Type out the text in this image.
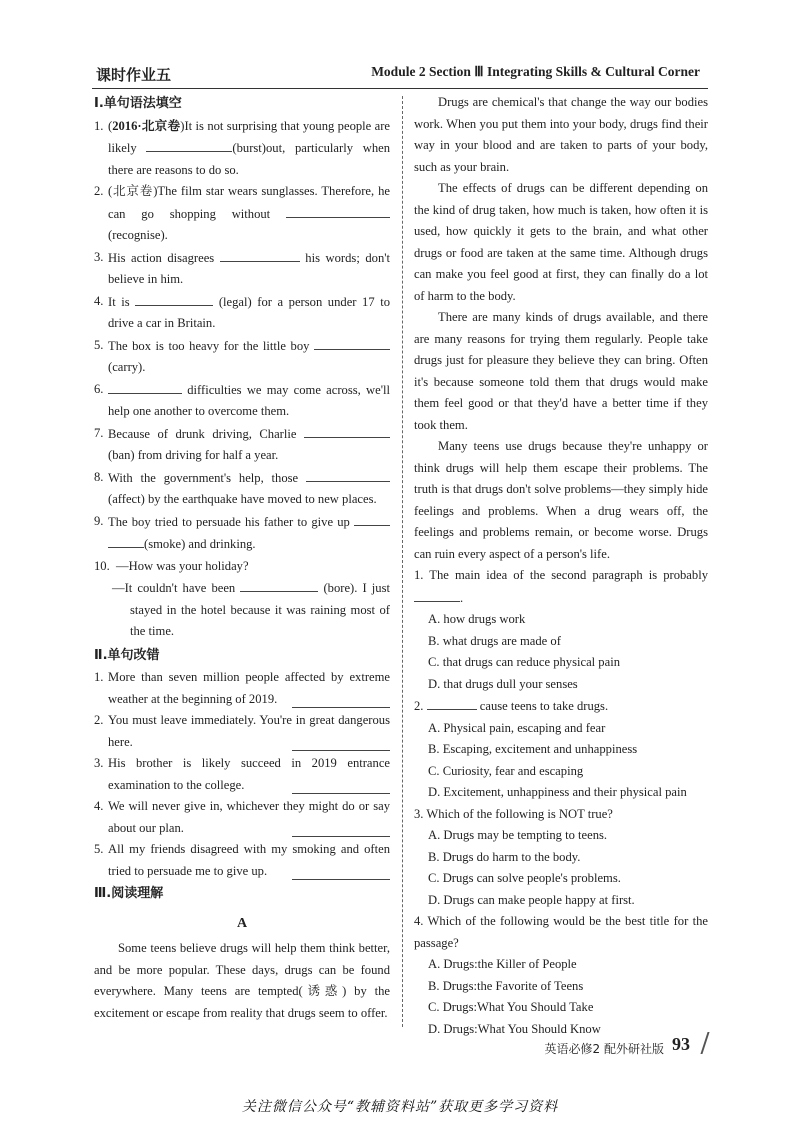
课时作业五	Module 2 Section Ⅲ Integrating Skills & Cultural Corner
Ⅰ.单句语法填空

1. (2016·北京卷)It is not surprising that young people are likely	(burst)out, particularly when there are reasons to do so.

2. (北京卷)The film star wears sunglasses. Therefore, he can go shopping without  (recognise).

3. His action disagrees	his words; don't believe in him.

4. It is	(legal) for a person under 17 to drive a car in Britain.

5. The box is too heavy for the little boy  (carry).

6.	difficulties we may come across, we'll help one another to overcome them.

7. Because of drunk driving, Charlie  (ban) from driving for half a year.

8. With the government's help, those  (affect) by the earthquake have moved to new places.

9. The boy tried to persuade his father to give up  (smoke) and drinking.

10. —How was your holiday?
—It couldn't have been	(bore). I just stayed in the hotel because it was raining most of the time.

Ⅱ.单句改错

1. More than seven million people affected by extreme weather at the beginning of 2019.

2. You must leave immediately. You're in great dangerous here.

3. His brother is likely succeed in 2019 entrance examination to the college.

4. We will never give in, whichever they might do or say about our plan.

5. All my friends disagreed with my smoking and often tried to persuade me to give up.

Ⅲ.阅读理解
A

Some teens believe drugs will help them think better, and be more popular. These days, drugs can be found everywhere. Many teens are tempted(诱惑) by the excitement or escape from reality that drugs seem to offer.

Drugs are chemical's that change the way our bodies work. When you put them into your body, drugs find their way in your blood and are taken to parts of your body, such as your brain.

The effects of drugs can be different depending on the kind of drug taken, how much is taken, how often it is used, how quickly it gets to the brain, and what other drugs or food are taken at the same time. Although drugs can make you feel good at first, they can finally do a lot of harm to the body.

There are many kinds of drugs available, and there are many reasons for trying them regularly. People take drugs just for pleasure they believe they can bring. Often it's because someone told them that drugs would make them feel good or that they'd have a better time if they took them.

Many teens use drugs because they're unhappy or think drugs will help them escape their problems. The truth is that drugs don't solve problems—they simply hide feelings and problems. When a drug wears off, the feelings and problems remain, or become worse. Drugs can ruin every aspect of a person's life.

1. The main idea of the second paragraph is probably .

A. how drugs work

B. what drugs are made of

C. that drugs can reduce physical pain

D. that drugs dull your senses

2.	cause teens to take drugs.

A. Physical pain, escaping and fear

B. Escaping, excitement and unhappiness

C. Curiosity, fear and escaping

D. Excitement, unhappiness and their physical pain

3. Which of the following is NOT true?

A. Drugs may be tempting to teens.

B. Drugs do harm to the body.

C. Drugs can solve people's problems.

D. Drugs can make people happy at first.

4. Which of the following would be the best title for the passage?

A. Drugs:the Killer of People

B. Drugs:the Favorite of Teens

C. Drugs:What You Should Take

D. Drugs:What You Should Know

英语必修2 配外研社版 93
关注微信公众号“教辅资料站”获取更多学习资料
